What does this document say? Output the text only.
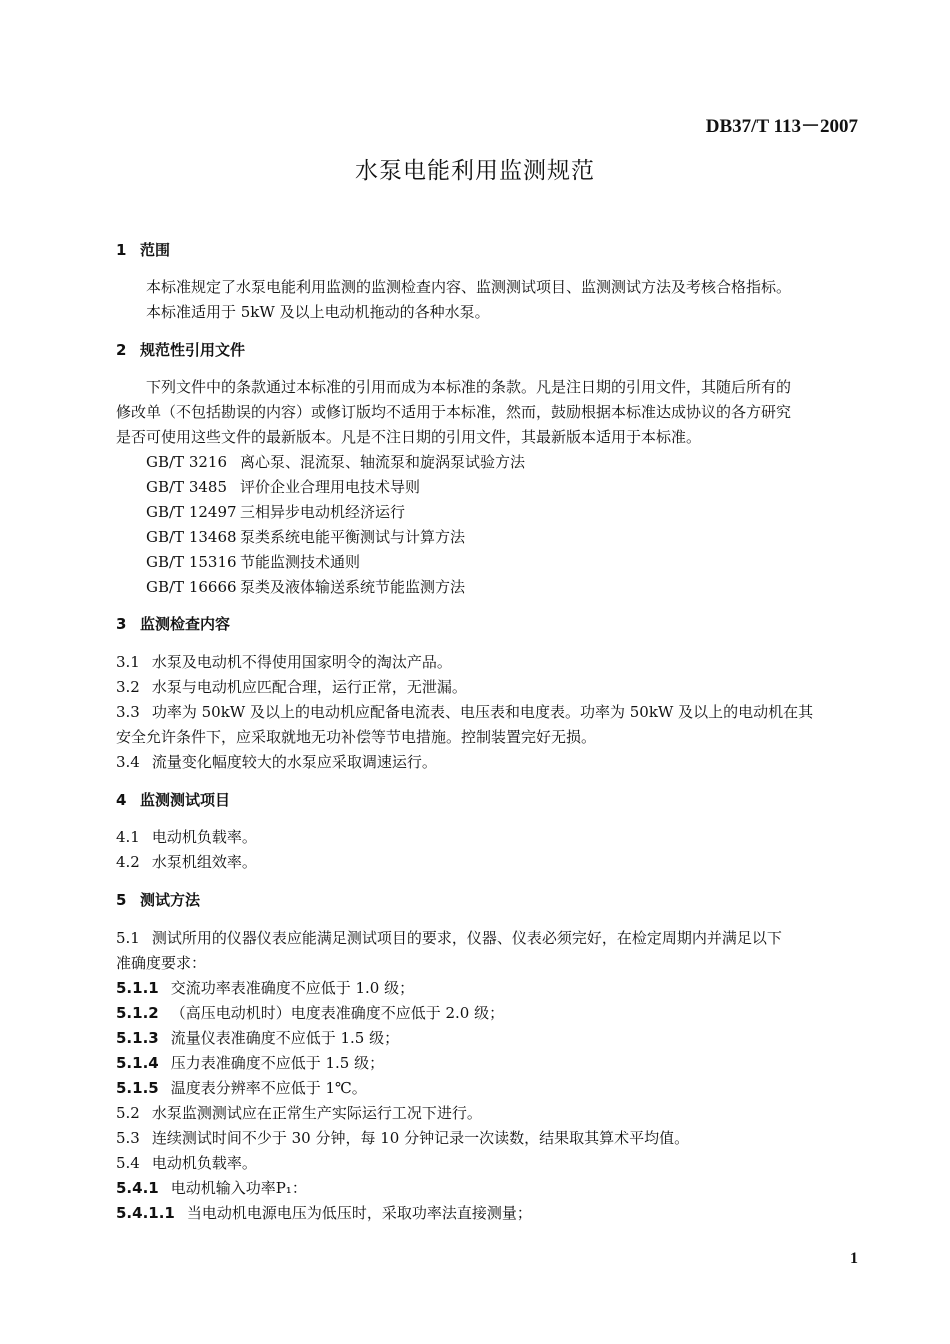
DB37/T 113－2007
水泵电能利用监测规范
1 范围
本标准规定了水泵电能利用监测的监测检查内容、监测测试项目、监测测试方法及考核合格指标。
本标准适用于 5kW 及以上电动机拖动的各种水泵。
2 规范性引用文件
下列文件中的条款通过本标准的引用而成为本标准的条款。凡是注日期的引用文件，其随后所有的
修改单（不包括勘误的内容）或修订版均不适用于本标准，然而，鼓励根据本标准达成协议的各方研究
是否可使用这些文件的最新版本。凡是不注日期的引用文件，其最新版本适用于本标准。
GB/T 3216 离心泵、混流泵、轴流泵和旋涡泵试验方法
GB/T 3485 评价企业合理用电技术导则
GB/T 12497 三相异步电动机经济运行
GB/T 13468 泵类系统电能平衡测试与计算方法
GB/T 15316 节能监测技术通则
GB/T 16666 泵类及液体输送系统节能监测方法
3 监测检查内容
3.1 水泵及电动机不得使用国家明令的淘汰产品。
3.2 水泵与电动机应匹配合理，运行正常，无泄漏。
3.3 功率为 50kW 及以上的电动机应配备电流表、电压表和电度表。功率为 50kW 及以上的电动机在其
安全允许条件下，应采取就地无功补偿等节电措施。控制装置完好无损。
3.4 流量变化幅度较大的水泵应采取调速运行。
4 监测测试项目
4.1 电动机负载率。
4.2 水泵机组效率。
5 测试方法
5.1 测试所用的仪器仪表应能满足测试项目的要求，仪器、仪表必须完好，在检定周期内并满足以下
准确度要求：
5.1.1 交流功率表准确度不应低于 1.0 级；
5.1.2 （高压电动机时）电度表准确度不应低于 2.0 级；
5.1.3 流量仪表准确度不应低于 1.5 级；
5.1.4 压力表准确度不应低于 1.5 级；
5.1.5 温度表分辨率不应低于 1℃。
5.2 水泵监测测试应在正常生产实际运行工况下进行。
5.3 连续测试时间不少于 30 分钟，每 10 分钟记录一次读数，结果取其算术平均值。
5.4 电动机负载率。
5.4.1 电动机输入功率P₁：
5.4.1.1 当电动机电源电压为低压时，采取功率法直接测量；
1
